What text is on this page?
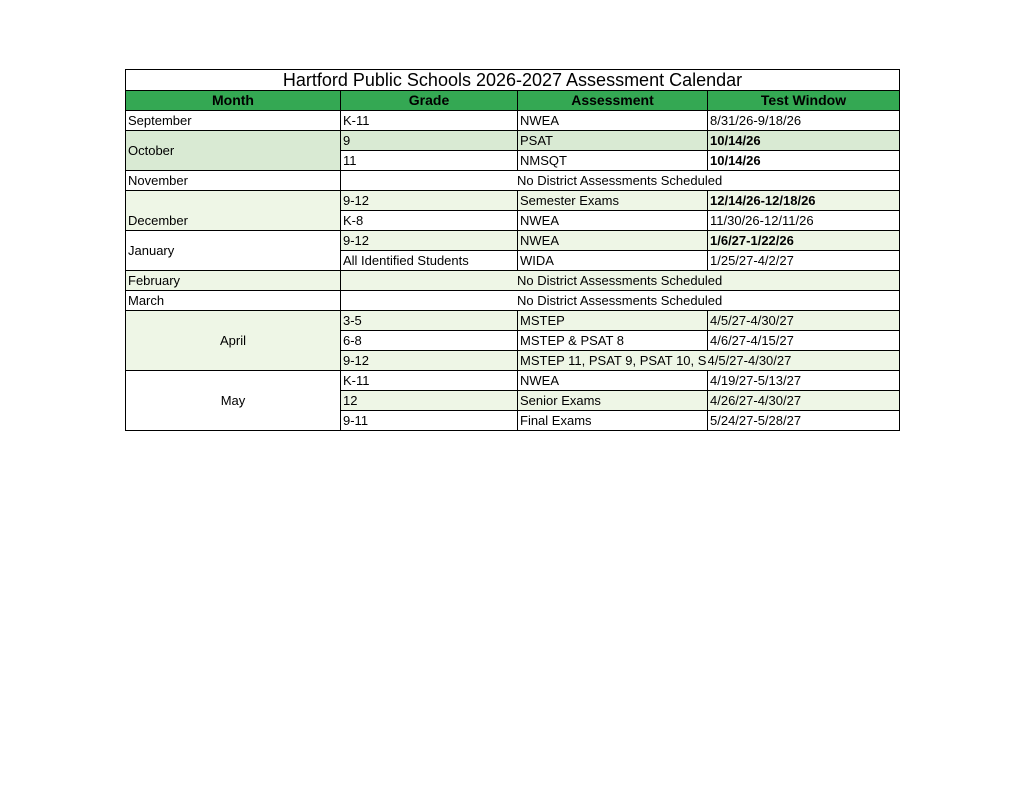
Hartford Public Schools 2026-2027 Assessment Calendar			
Month	Grade	Assessment	Test Window
September	K-11	NWEA	8/31/26-9/18/26
October	9	PSAT	10/14/26
	11	NMSQT	10/14/26
November	No District Assessments Scheduled		
December	9-12	Semester Exams	12/14/26-12/18/26
	K-8	NWEA	11/30/26-12/11/26
January	9-12	NWEA	1/6/27-1/22/26
	All Identified Students	WIDA	1/25/27-4/2/27
February	No District Assessments Scheduled		
March	No District Assessments Scheduled		
April	3-5	MSTEP	4/5/27-4/30/27
	6-8	MSTEP & PSAT 8	4/6/27-4/15/27
	9-12	MSTEP 11, PSAT 9, PSAT 10, S	4/5/27-4/30/27
May	K-11	NWEA	4/19/27-5/13/27
	12	Senior Exams	4/26/27-4/30/27
	9-11	Final Exams	5/24/27-5/28/27
